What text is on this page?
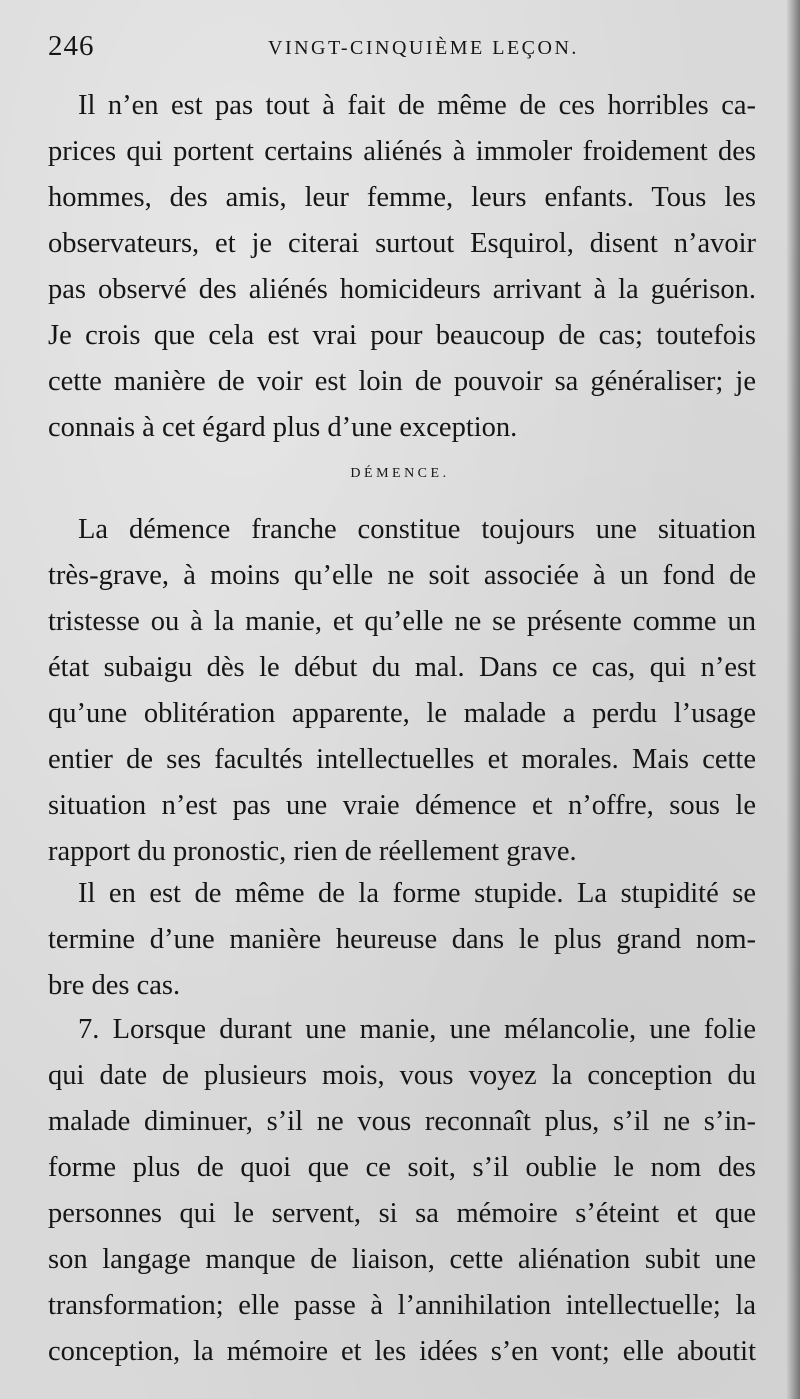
246	VINGT-CINQUIÈME LEÇON.
Il n’en est pas tout à fait de même de ces horribles ca-
prices qui portent certains aliénés à immoler froidement des
hommes, des amis, leur femme, leurs enfants. Tous les
observateurs, et je citerai surtout Esquirol, disent n’avoir
pas observé des aliénés homicideurs arrivant à la guérison.
Je crois que cela est vrai pour beaucoup de cas; toutefois
cette manière de voir est loin de pouvoir sa généraliser; je
connais à cet égard plus d’une exception.
DÉMENCE.
La démence franche constitue toujours une situation
très-grave, à moins qu’elle ne soit associée à un fond de
tristesse ou à la manie, et qu’elle ne se présente comme un
état subaigu dès le début du mal. Dans ce cas, qui n’est
qu’une oblitération apparente, le malade a perdu l’usage
entier de ses facultés intellectuelles et morales. Mais cette
situation n’est pas une vraie démence et n’offre, sous le
rapport du pronostic, rien de réellement grave.
Il en est de même de la forme stupide. La stupidité se
termine d’une manière heureuse dans le plus grand nom-
bre des cas.
7. Lorsque durant une manie, une mélancolie, une folie
qui date de plusieurs mois, vous voyez la conception du
malade diminuer, s’il ne vous reconnaît plus, s’il ne s’in-
forme plus de quoi que ce soit, s’il oublie le nom des
personnes qui le servent, si sa mémoire s’éteint et que
son langage manque de liaison, cette aliénation subit une
transformation; elle passe à l’annihilation intellectuelle; la
conception, la mémoire et les idées s’en vont; elle aboutit
